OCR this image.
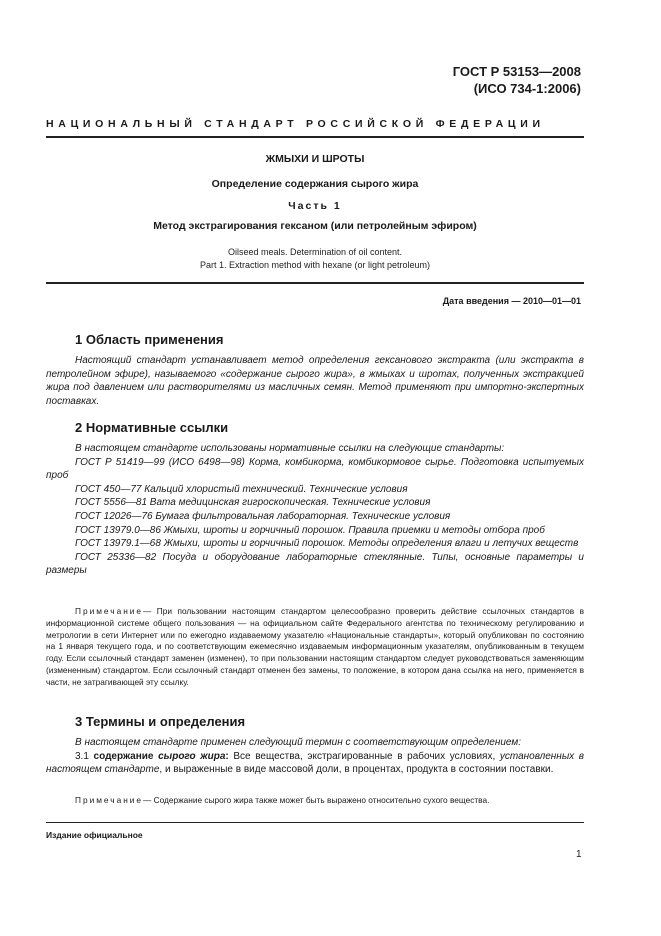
ГОСТ Р 53153—2008
(ИСО 734-1:2006)
НАЦИОНАЛЬНЫЙ СТАНДАРТ РОССИЙСКОЙ ФЕДЕРАЦИИ
ЖМЫХИ И ШРОТЫ
Определение содержания сырого жира
Часть 1
Метод экстрагирования гексаном (или петролейным эфиром)
Oilseed meals. Determination of oil content.
Part 1. Extraction method with hexane (or light petroleum)
Дата введения — 2010—01—01
1 Область применения

Настоящий стандарт устанавливает метод определения гексанового экстракта (или экстракта в петролейном эфире), называемого «содержание сырого жира», в жмыхах и шротах, полученных экстракцией жира под давлением или растворителями из масличных семян. Метод применяют при импортно-экспертных поставках.

2 Нормативные ссылки

В настоящем стандарте использованы нормативные ссылки на следующие стандарты:

ГОСТ Р 51419—99 (ИСО 6498—98) Корма, комбикорма, комбикормовое сырье. Подготовка испытуемых проб

ГОСТ 450—77 Кальций хлористый технический. Технические условия

ГОСТ 5556—81 Вата медицинская гигроскопическая. Технические условия

ГОСТ 12026—76 Бумага фильтровальная лабораторная. Технические условия

ГОСТ 13979.0—86 Жмыхи, шроты и горчичный порошок. Правила приемки и методы отбора проб

ГОСТ 13979.1—68 Жмыхи, шроты и горчичный порошок. Методы определения влаги и летучих веществ

ГОСТ 25336—82 Посуда и оборудование лабораторные стеклянные. Типы, основные параметры и размеры

Примечание— При пользовании настоящим стандартом целесообразно проверить действие ссылочных стандартов в информационной системе общего пользования — на официальном сайте Федерального агентства по техническому регулированию и метрологии в сети Интернет или по ежегодно издаваемому указателю «Национальные стандарты», который опубликован по состоянию на 1 января текущего года, и по соответствующим ежемесячно издаваемым информационным указателям, опубликованным в текущем году. Если ссылочный стандарт заменен (изменен), то при пользовании настоящим стандартом следует руководствоваться заменяющим (измененным) стандартом. Если ссылочный стандарт отменен без замены, то положение, в котором дана ссылка на него, применяется в части, не затрагивающей эту ссылку.

3 Термины и определения

В настоящем стандарте применен следующий термин с соответствующим определением:

3.1 содержание сырого жира: Все вещества, экстрагированные в рабочих условиях, установленных в настоящем стандарте, и выраженные в виде массовой доли, в процентах, продукта в состоянии поставки.

Примечание— Содержание сырого жира также может быть выражено относительно сухого вещества.

Издание официальное
1
